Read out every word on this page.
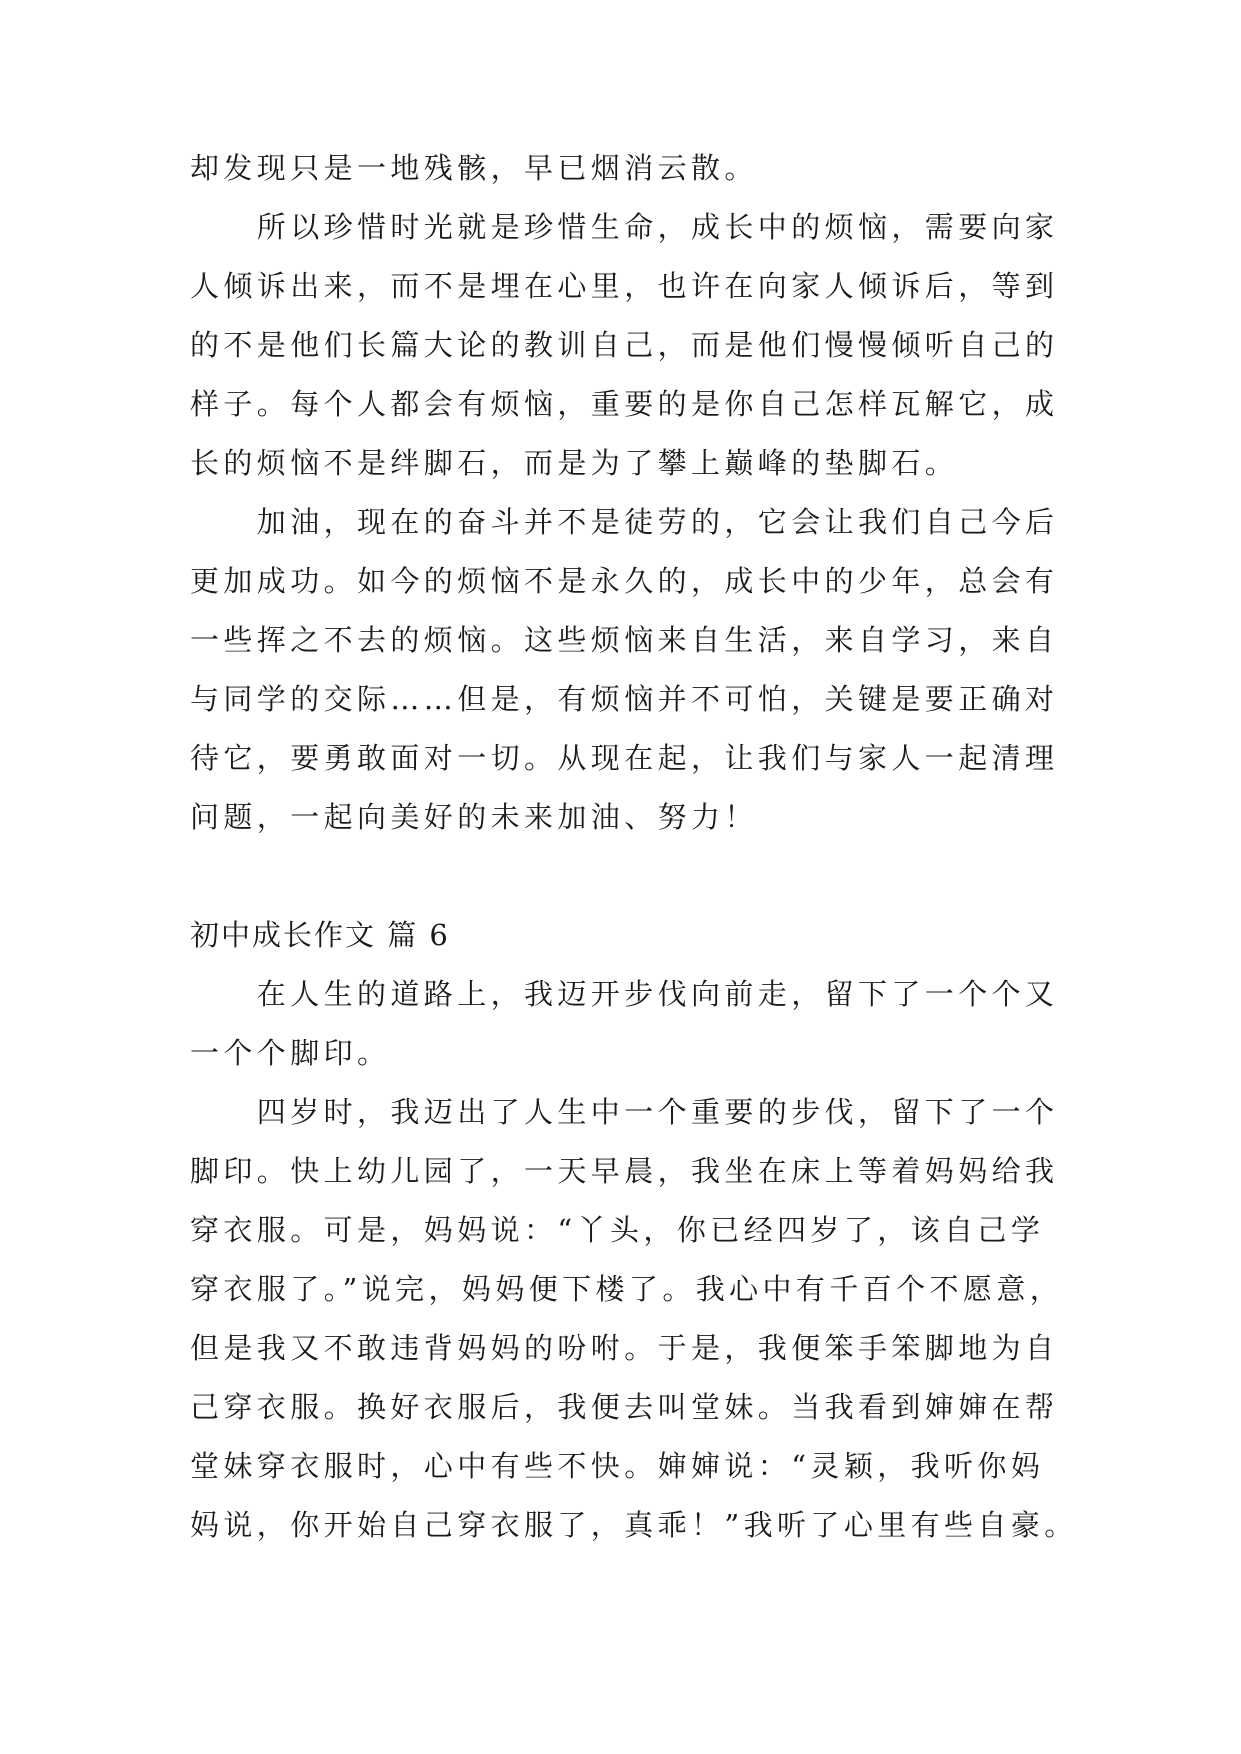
却发现只是一地残骸，早已烟消云散。
　　所以珍惜时光就是珍惜生命，成长中的烦恼，需要向家
人倾诉出来，而不是埋在心里，也许在向家人倾诉后，等到
的不是他们长篇大论的教训自己，而是他们慢慢倾听自己的
样子。每个人都会有烦恼，重要的是你自己怎样瓦解它，成
长的烦恼不是绊脚石，而是为了攀上巅峰的垫脚石。
　　加油，现在的奋斗并不是徒劳的，它会让我们自己今后
更加成功。如今的烦恼不是永久的，成长中的少年，总会有
一些挥之不去的烦恼。这些烦恼来自生活，来自学习，来自
与同学的交际……但是，有烦恼并不可怕，关键是要正确对
待它，要勇敢面对一切。从现在起，让我们与家人一起清理
问题，一起向美好的未来加油、努力！
初中成长作文 篇 6
　　在人生的道路上，我迈开步伐向前走，留下了一个个又
一个个脚印。
　　四岁时，我迈出了人生中一个重要的步伐，留下了一个
脚印。快上幼儿园了，一天早晨，我坐在床上等着妈妈给我
穿衣服。可是，妈妈说：“丫头，你已经四岁了，该自己学
穿衣服了。”说完，妈妈便下楼了。我心中有千百个不愿意，
但是我又不敢违背妈妈的吩咐。于是，我便笨手笨脚地为自
己穿衣服。换好衣服后，我便去叫堂妹。当我看到婶婶在帮
堂妹穿衣服时，心中有些不快。婶婶说：“灵颖，我听你妈
妈说，你开始自己穿衣服了，真乖！”我听了心里有些自豪。
